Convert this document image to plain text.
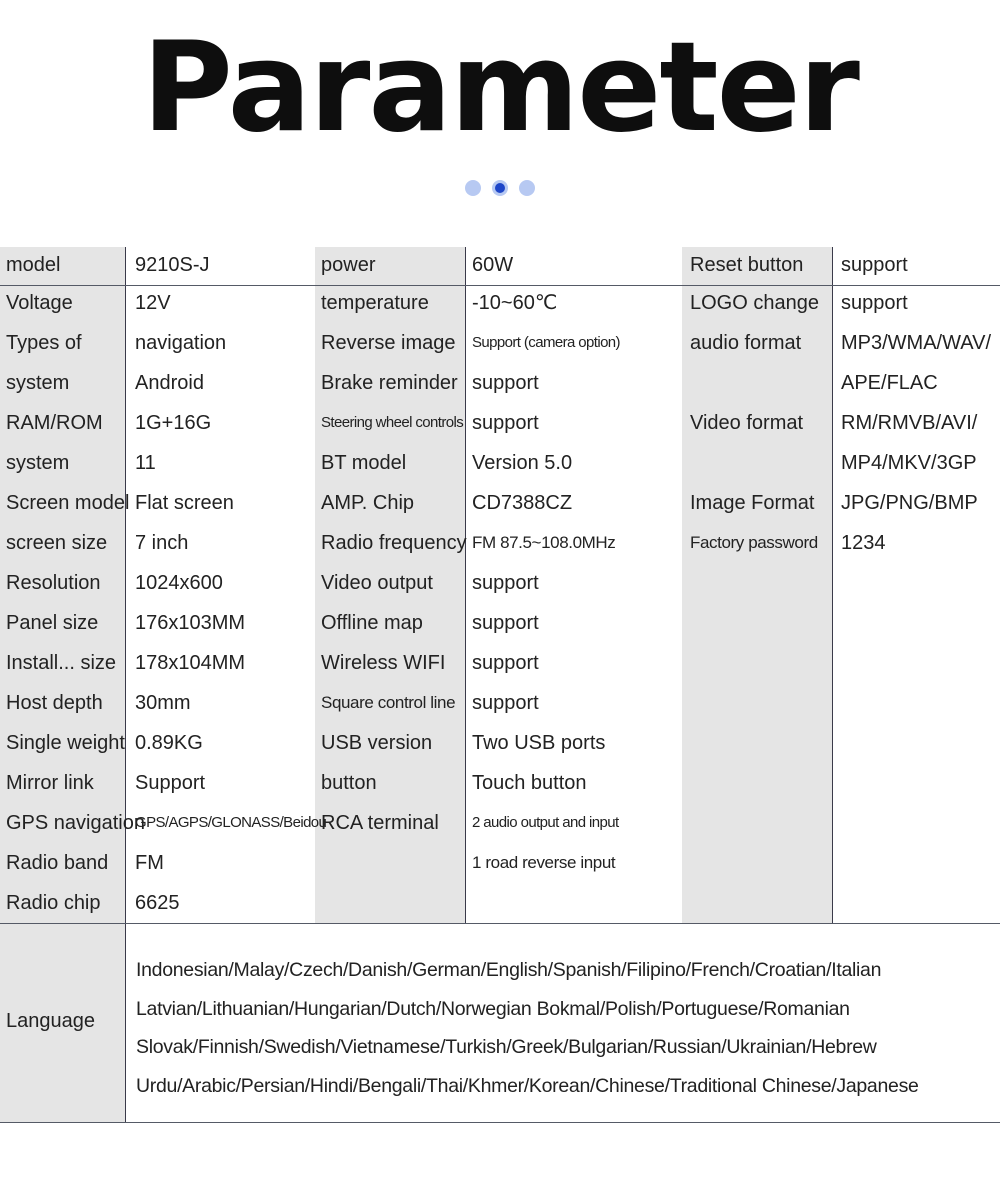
Parameter
model
Voltage
Types of
system
RAM/ROM
system
Screen model
screen size
Resolution
Panel size
Install... size
Host depth
Single weight
Mirror link
GPS navigation
Radio band
Radio chip
9210S-J
12V
navigation
Android
1G+16G
11
Flat screen
7 inch
1024x600
176x103MM
178x104MM
30mm
0.89KG
Support
GPS/AGPS/GLONASS/Beidou
FM
6625
power
temperature
Reverse image
Brake reminder
Steering wheel controls
BT model
AMP. Chip
Radio frequency
Video output
Offline map
Wireless WIFI
Square control line
USB version
button
RCA terminal
60W
-10~60℃
Support (camera option)
support
support
Version 5.0
CD7388CZ
FM 87.5~108.0MHz
support
support
support
support
Two USB ports
Touch button
2 audio output and input
1 road reverse input
Reset button
LOGO change
audio format
Video format
Image Format
Factory password
support
support
MP3/WMA/WAV/
APE/FLAC
RM/RMVB/AVI/
MP4/MKV/3GP
JPG/PNG/BMP
1234
Language
Indonesian/Malay/Czech/Danish/German/English/Spanish/Filipino/French/Croatian/Italian
Latvian/Lithuanian/Hungarian/Dutch/Norwegian Bokmal/Polish/Portuguese/Romanian
Slovak/Finnish/Swedish/Vietnamese/Turkish/Greek/Bulgarian/Russian/Ukrainian/Hebrew
Urdu/Arabic/Persian/Hindi/Bengali/Thai/Khmer/Korean/Chinese/Traditional Chinese/Japanese
